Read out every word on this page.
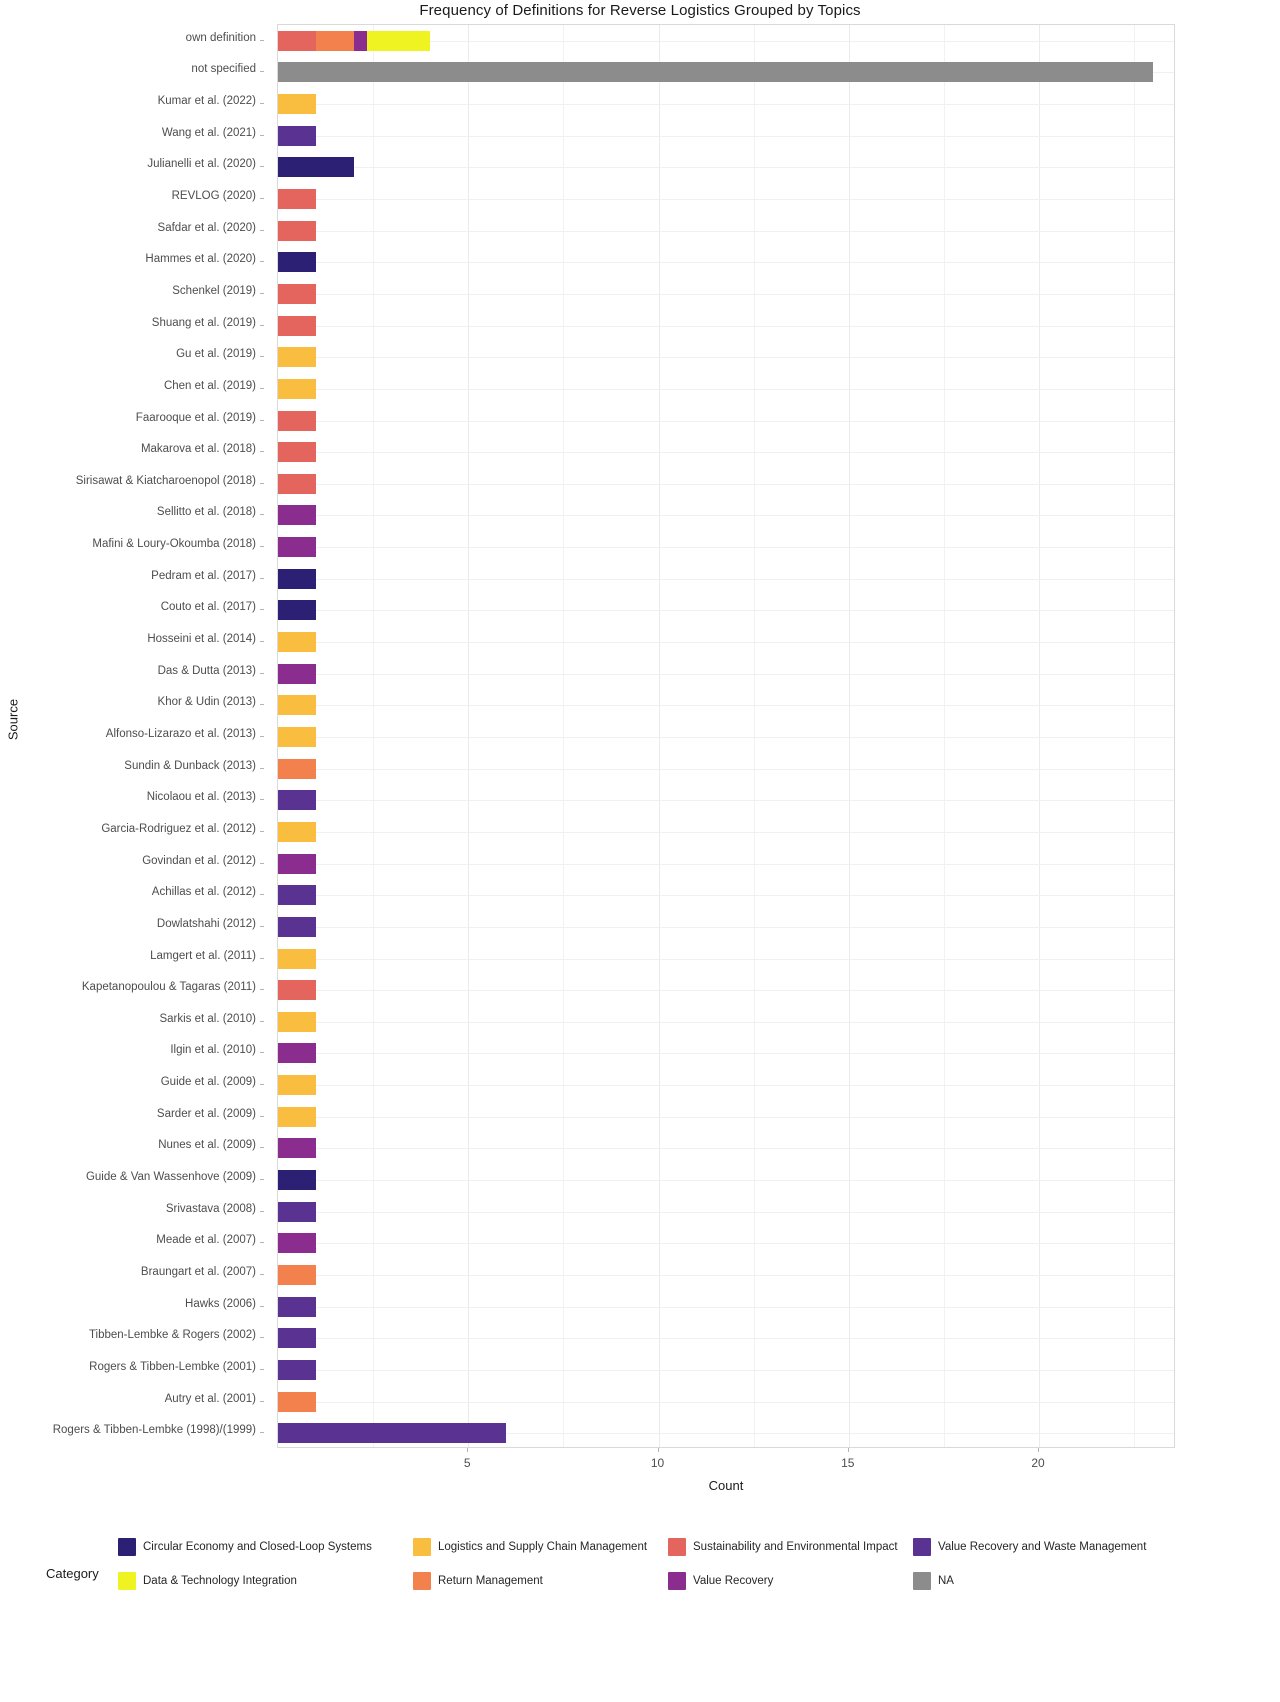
Frequency of Definitions for Reverse Logistics Grouped by Topics
Source
Rogers & Tibben-Lembke (1998)/(1999)
Autry et al. (2001)
Rogers & Tibben-Lembke (2001)
Tibben-Lembke & Rogers (2002)
Hawks (2006)
Braungart et al. (2007)
Meade et al. (2007)
Srivastava (2008)
Guide & Van Wassenhove (2009)
Nunes et al. (2009)
Sarder et al. (2009)
Guide et al. (2009)
Ilgin et al. (2010)
Sarkis et al. (2010)
Kapetanopoulou & Tagaras (2011)
Lamgert et al. (2011)
Dowlatshahi (2012)
Achillas et al. (2012)
Govindan et al. (2012)
Garcia-Rodriguez et al. (2012)
Nicolaou et al. (2013)
Sundin & Dunback (2013)
Alfonso-Lizarazo et al. (2013)
Khor & Udin (2013)
Das & Dutta (2013)
Hosseini et al. (2014)
Couto et al. (2017)
Pedram et al. (2017)
Mafini & Loury-Okoumba (2018)
Sellitto et al. (2018)
Sirisawat & Kiatcharoenopol (2018)
Makarova et al. (2018)
Faarooque et al. (2019)
Chen et al. (2019)
Gu et al. (2019)
Shuang et al. (2019)
Schenkel (2019)
Hammes et al. (2020)
Safdar et al. (2020)
REVLOG (2020)
Julianelli et al. (2020)
Wang et al. (2021)
Kumar et al. (2022)
not specified
own definition
5	10	15	20
Count
Category
Circular Economy and Closed-Loop Systems	Logistics and Supply Chain Management	Sustainability and Environmental Impact	Value Recovery and Waste Management
Data & Technology Integration	Return Management	Value Recovery	NA
